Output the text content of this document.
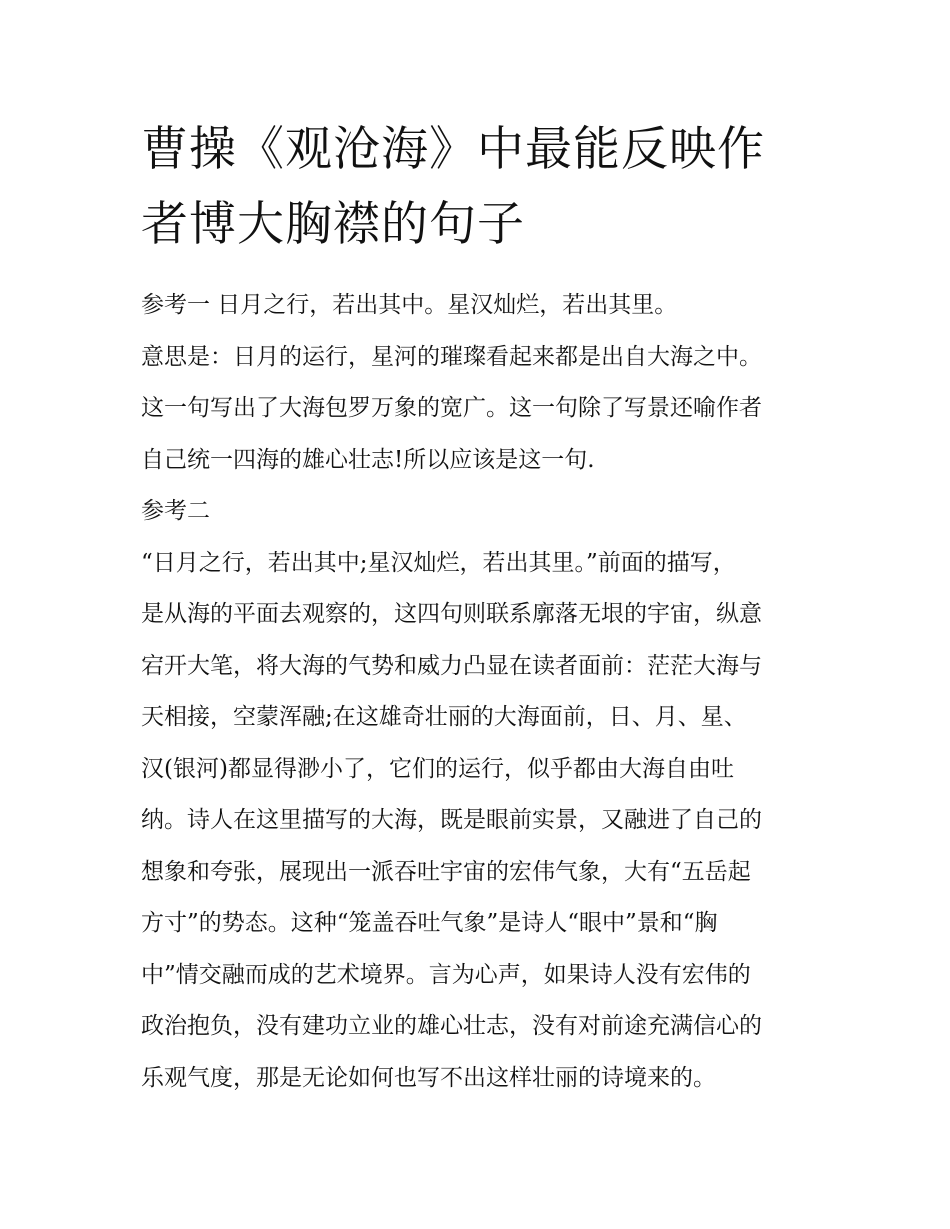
曹操《观沧海》中最能反映作
者博大胸襟的句子
参考一 日月之行，若出其中。星汉灿烂，若出其里。
意思是：日月的运行，星河的璀璨看起来都是出自大海之中。
这一句写出了大海包罗万象的宽广。这一句除了写景还喻作者
自己统一四海的雄心壮志!所以应该是这一句.
参考二
“日月之行，若出其中;星汉灿烂，若出其里。”前面的描写，
是从海的平面去观察的，这四句则联系廓落无垠的宇宙，纵意
宕开大笔，将大海的气势和威力凸显在读者面前：茫茫大海与
天相接，空蒙浑融;在这雄奇壮丽的大海面前，日、月、星、
汉(银河)都显得渺小了，它们的运行，似乎都由大海自由吐
纳。诗人在这里描写的大海，既是眼前实景，又融进了自己的
想象和夸张，展现出一派吞吐宇宙的宏伟气象，大有“五岳起
方寸”的势态。这种“笼盖吞吐气象”是诗人“眼中”景和“胸
中”情交融而成的艺术境界。言为心声，如果诗人没有宏伟的
政治抱负，没有建功立业的雄心壮志，没有对前途充满信心的
乐观气度，那是无论如何也写不出这样壮丽的诗境来的。
